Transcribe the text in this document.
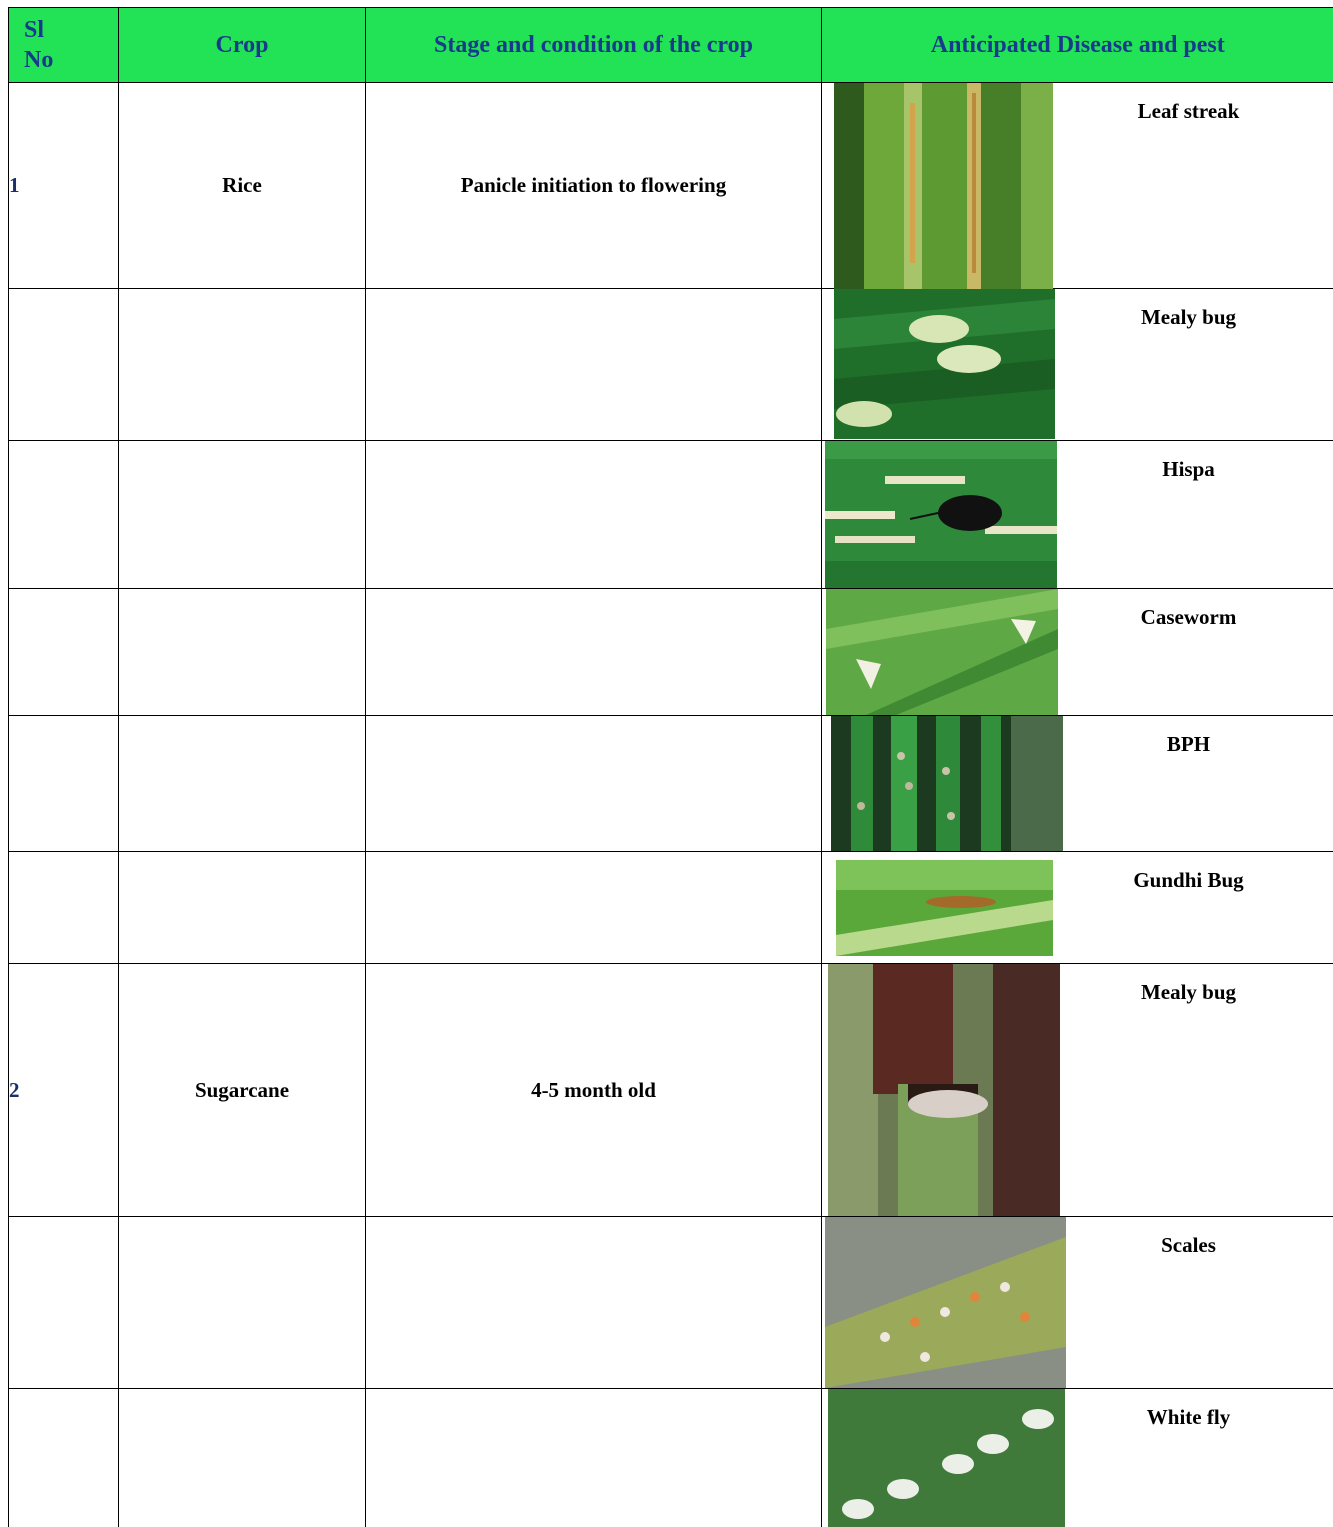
Sl
No	Crop	Stage and condition of the crop	Anticipated Disease and pest
1	Rice	Panicle initiation to flowering	Leaf streak

			Mealy bug

			Hispa

			Caseworm

			BPH

			Gundhi Bug

2	Sugarcane	4-5 month old	Mealy bug

			Scales

			White fly
